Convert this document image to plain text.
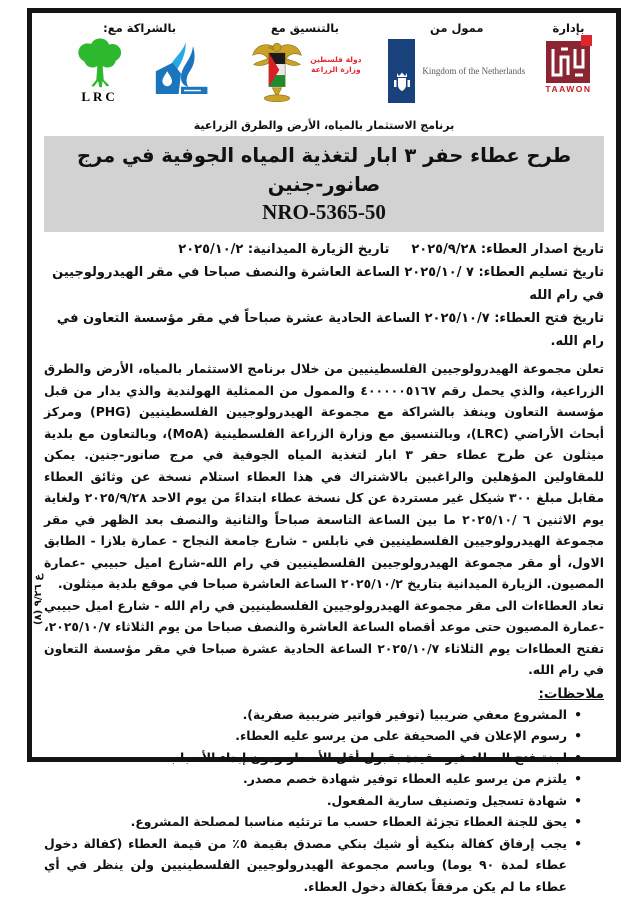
بالشراكة مع:
LRC
بالتنسيق مع
دولة فلسطين
وزارة الزراعة
ممول من
Kingdom of the Netherlands
بإدارة
TAAWON
برنامج الاستثمار بالمياه، الأرض والطرق الزراعية
طرح عطاء حفر ٣ ابار لتغذية المياه الجوفية في مرج صانور-جنين
NRO-5365-50
تاريخ اصدار العطاء: ٢٠٢٥/٩/٢٨تاريخ الزيارة الميدانية: ٢٠٢٥/١٠/٢
تاريخ تسليم العطاء: ٧ /٢٠٢٥/١٠ الساعة العاشرة والنصف صباحا في مقر الهيدرولوجيين في رام الله
تاريخ فتح العطاء: ٢٠٢٥/١٠/٧ الساعة الحادية عشرة صباحاً في مقر مؤسسة التعاون في رام الله.

تعلن مجموعة الهيدرولوجيين الفلسطينيين من خلال برنامج الاستثمار بالمياه، الأرض والطرق الزراعية، والذي يحمل رقم ٤٠٠٠٠٠٥١٦٧ والممول من الممثلية الهولندية والذي يدار من قبل مؤسسة التعاون وينفذ بالشراكة مع مجموعة الهيدرولوجيين الفلسطينيين (PHG) ومركز أبحاث الأراضي (LRC)، وبالتنسيق مع وزارة الزراعة الفلسطينية (MoA)، وبالتعاون مع بلدية ميثلون عن طرح عطاء حفر ٣ ابار لتغذية المياه الجوفية في مرج صانور-جنين. يمكن للمقاولين المؤهلين والراغبين بالاشتراك في هذا العطاء استلام نسخة عن وثائق العطاء مقابل مبلغ ٣٠٠ شيكل غير مستردة عن كل نسخة عطاء ابتداءً من يوم الاحد ٢٠٢٥/٩/٢٨ ولغاية يوم الاثنين ٦ /٢٠٢٥/١٠ ما بين الساعة التاسعة صباحاً والثانية والنصف بعد الظهر في مقر مجموعة الهيدرولوجيين الفلسطينيين في نابلس - شارع جامعة النجاح - عمارة بلازا - الطابق الاول، أو مقر مجموعة الهيدرولوجيين الفلسطينيين في رام الله-شارع اميل حبيبي -عمارة المصيون. الزيارة الميدانية بتاريخ ٢٠٢٥/١٠/٢ الساعة العاشرة صباحا في موقع بلدية ميثلون.

تعاد العطاءات الى مقر مجموعة الهيدرولوجيين الفلسطينيين في رام الله - شارع اميل حبيبي -عمارة المصيون حتى موعد أقصاه الساعة العاشرة والنصف صباحا من يوم الثلاثاء ٢٠٢٥/١٠/٧، تفتح العطاءات يوم الثلاثاء ٢٠٢٥/١٠/٧ الساعة الحادية عشرة صباحا في مقر مؤسسة التعاون في رام الله.

ملاحظات:
•
المشروع معفي ضريبيا (توفير فواتير ضريبية صفرية).
•
رسوم الإعلان في الصحيفة على من يرسو عليه العطاء.
•
لجنة فتح العطاء غير مقيدة بقبول أقل الأسعار ودون إبداء الأسباب.
•
يلتزم من يرسو عليه العطاء توفير شهادة خصم مصدر.
•
شهادة تسجيل وتصنيف سارية المفعول.
•
يحق للجنة العطاء تجزئة العطاء حسب ما ترتئيه مناسبا لمصلحة المشروع.
•
يجب إرفاق كفالة بنكية أو شيك بنكي مصدق بقيمة ٥٪ من قيمة العطاء (كفالة دخول عطاء لمدة ٩٠ يوما) وباسم مجموعة الهيدرولوجيين الفلسطينيين ولن ينظر في أي عطاء ما لم يكن مرفقاً بكفالة دخول العطاء.
ع ٩/٢٦ (٨)
